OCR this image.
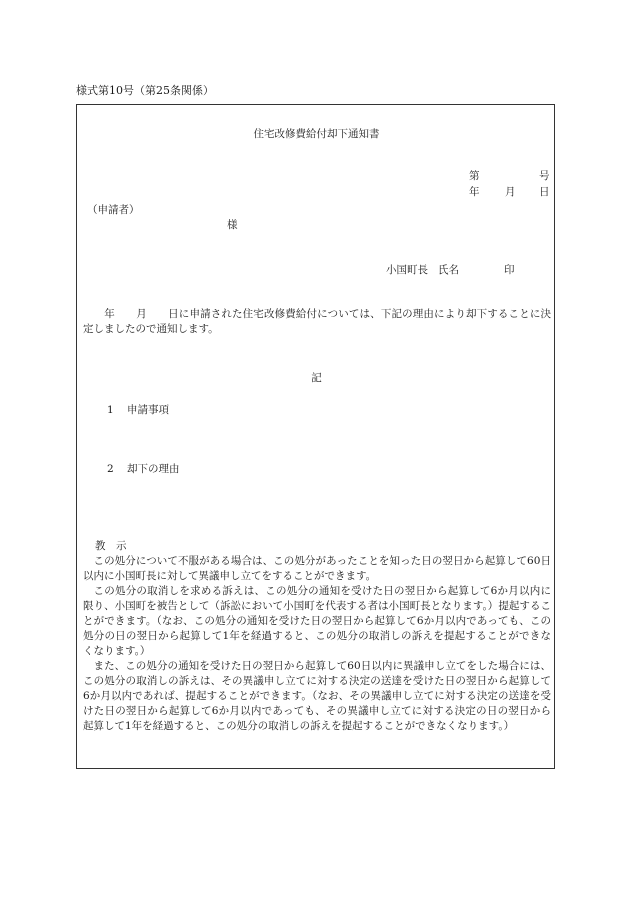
様式第10号（第25条関係）
住宅改修費給付却下通知書
第	号
年 月 日
（申請者）
様
小国町長 氏名	印
　　年　　月　　日に申請された住宅改修費給付については、下記の理由により却下することに決定しましたので通知します。
記
1 申請事項
2 却下の理由
教　示
この処分について不服がある場合は、この処分があったことを知った日の翌日から起算して60日以内に小国町長に対して異議申し立てをすることができます。
この処分の取消しを求める訴えは、この処分の通知を受けた日の翌日から起算して6か月以内に限り、小国町を被告として（訴訟において小国町を代表する者は小国町長となります。）提起することができます。（なお、この処分の通知を受けた日の翌日から起算して6か月以内であっても、この処分の日の翌日から起算して1年を経過すると、この処分の取消しの訴えを提起することができなくなります。）
また、この処分の通知を受けた日の翌日から起算して60日以内に異議申し立てをした場合には、この処分の取消しの訴えは、その異議申し立てに対する決定の送達を受けた日の翌日から起算して6か月以内であれば、提起することができます。（なお、その異議申し立てに対する決定の送達を受けた日の翌日から起算して6か月以内であっても、その異議申し立てに対する決定の日の翌日から起算して1年を経過すると、この処分の取消しの訴えを提起することができなくなります。）
